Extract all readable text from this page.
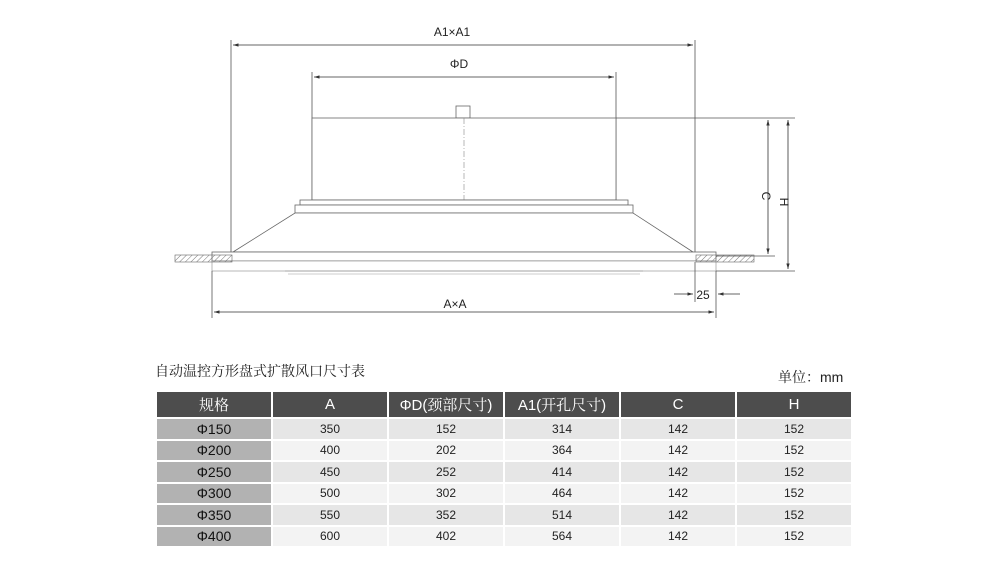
A1×A1
ΦD
C
H
A×A
25
自动温控方形盘式扩散风口尺寸表	单位：mm
规格	A	ΦD(颈部尺寸)	A1(开孔尺寸)	C	H
Φ150	350	152	314	142	152
Φ200	400	202	364	142	152
Φ250	450	252	414	142	152
Φ300	500	302	464	142	152
Φ350	550	352	514	142	152
Φ400	600	402	564	142	152
